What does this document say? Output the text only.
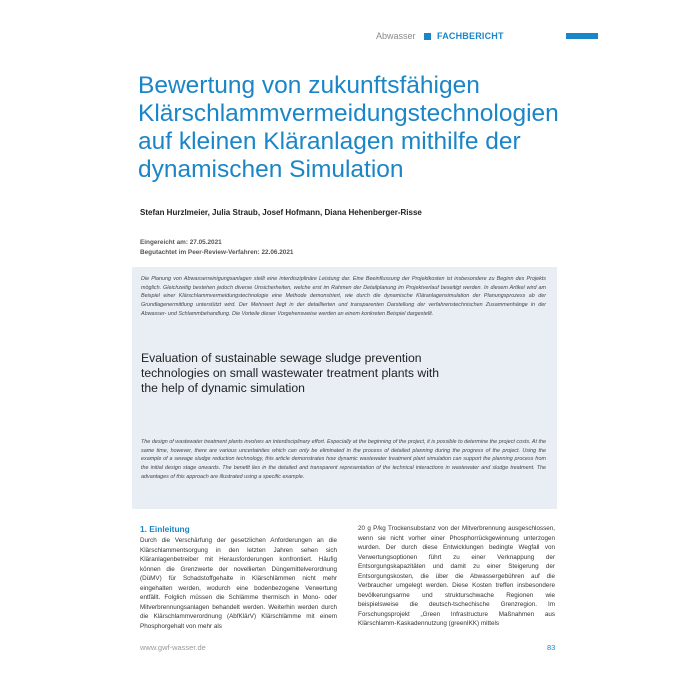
Abwasser FACHBERICHT
Bewertung von zukunftsfähigen
Klärschlammvermeidungstechnologien
auf kleinen Kläranlagen mithilfe der
dynamischen Simulation
Stefan Hurzlmeier, Julia Straub, Josef Hofmann, Diana Hehenberger-Risse
Eingereicht am: 27.05.2021
Begutachtet im Peer-Review-Verfahren: 22.06.2021

Die Planung von Abwasserreinigungsanlagen stellt eine interdisziplinäre Leistung dar. Eine Beeinflussung der Projektkosten ist insbesondere zu Beginn des Projekts möglich. Gleichzeitig bestehen jedoch diverse Unsicherheiten, welche erst im Rahmen der Detailplanung im Projektverlauf beseitigt werden. In diesem Artikel wird am Beispiel einer Klärschlammvermeidungstechnologie eine Methode demonstriert, wie durch die dynamische Kläranlagensimulation der Planungsprozess ab der Grundlagenermittlung unterstützt wird. Der Mehrwert liegt in der detaillierten und transparenten Darstellung der verfahrenstechnischen Zusammenhänge in der Abwasser- und Schlammbehandlung. Die Vorteile dieser Vorgehensweise werden an einem konkreten Beispiel dargestellt.

Evaluation of sustainable sewage sludge prevention
technologies on small wastewater treatment plants with
the help of dynamic simulation

The design of wastewater treatment plants involves an interdisciplinary effort. Especially at the beginning of the project, it is possible to determine the project costs. At the same time, however, there are various uncertainties which can only be eliminated in the process of detailed planning during the progress of the project. Using the example of a sewage sludge reduction technology, this article demonstrates how dynamic wastewater treatment plant simulation can support the planning process from the initial design stage onwards. The benefit lies in the detailed and transparent representation of the technical interactions in wastewater and sludge treatment. The advantages of this approach are illustrated using a specific example.

1. Einleitung

Durch die Verschärfung der gesetzlichen Anforderungen an die Klärschlammentsorgung in den letzten Jahren sehen sich Kläranlagenbetreiber mit Herausforderungen konfrontiert. Häufig können die Grenzwerte der novellierten Düngemittelverordnung (DüMV) für Schadstoffgehalte in Klärschlämmen nicht mehr eingehalten werden, wodurch eine bodenbezogene Verwertung entfällt. Folglich müssen die Schlämme thermisch in Mono- oder Mitverbrennungsanlagen behandelt werden. Weiterhin werden durch die Klärschlammverordnung (AbfKlärV) Klärschlämme mit einem Phosphorgehalt von mehr als

20 g P/kg Trockensubstanz von der Mitverbrennung ausgeschlossen, wenn sie nicht vorher einer Phosphorrückgewinnung unterzogen wurden. Der durch diese Entwicklungen bedingte Wegfall von Verwertungsoptionen führt zu einer Verknappung der Entsorgungskapazitäten und damit zu einer Steigerung der Entsorgungskosten, die über die Abwassergebühren auf die Verbraucher umgelegt werden. Diese Kosten treffen insbesondere bevölkerungsarme und strukturschwache Regionen wie beispielsweise die deutsch-tschechische Grenzregion. Im Forschungsprojekt „Green Infrastructure Maßnahmen aus Klärschlamm-Kaskadennutzung (greenIKK) mittels

www.gwf-wasser.de	83
